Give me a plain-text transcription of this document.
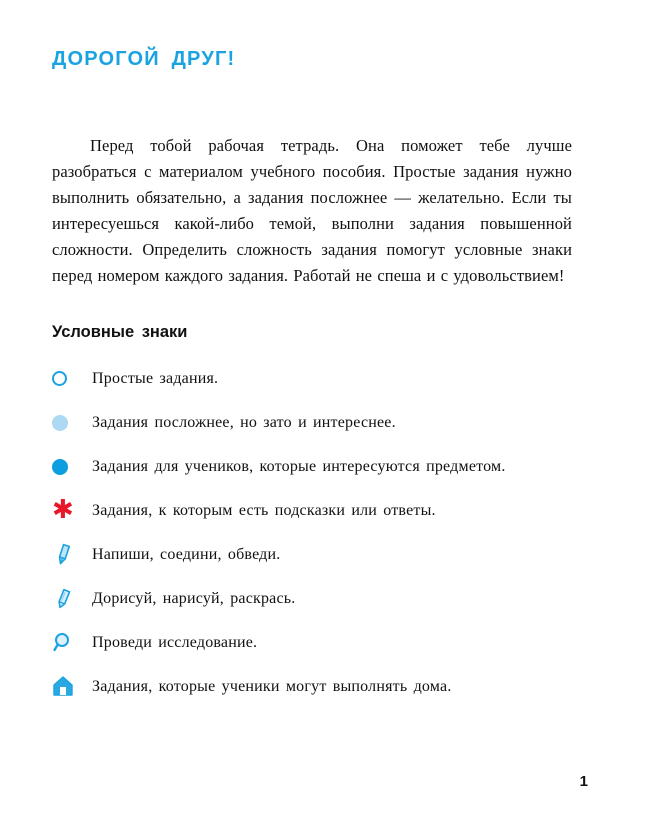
ДОРОГОЙ ДРУГ!

Перед тобой рабочая тетрадь. Она поможет тебе лучше разобраться с материалом учебного пособия. Простые задания нужно выполнить обязательно, а задания посложнее — желательно. Если ты интересуешься какой-либо темой, выполни задания повышенной сложности. Определить сложность задания помогут условные знаки перед номером каждого задания. Работай не спеша и с удовольствием!

Условные знаки
Простые задания.
Задания посложнее, но зато и интереснее.
Задания для учеников, которые интересуются предметом.
✱ Задания, к которым есть подсказки или ответы.
Напиши, соедини, обведи.
Дорисуй, нарисуй, раскрась.
Проведи исследование.
Задания, которые ученики могут выполнять дома.
1
